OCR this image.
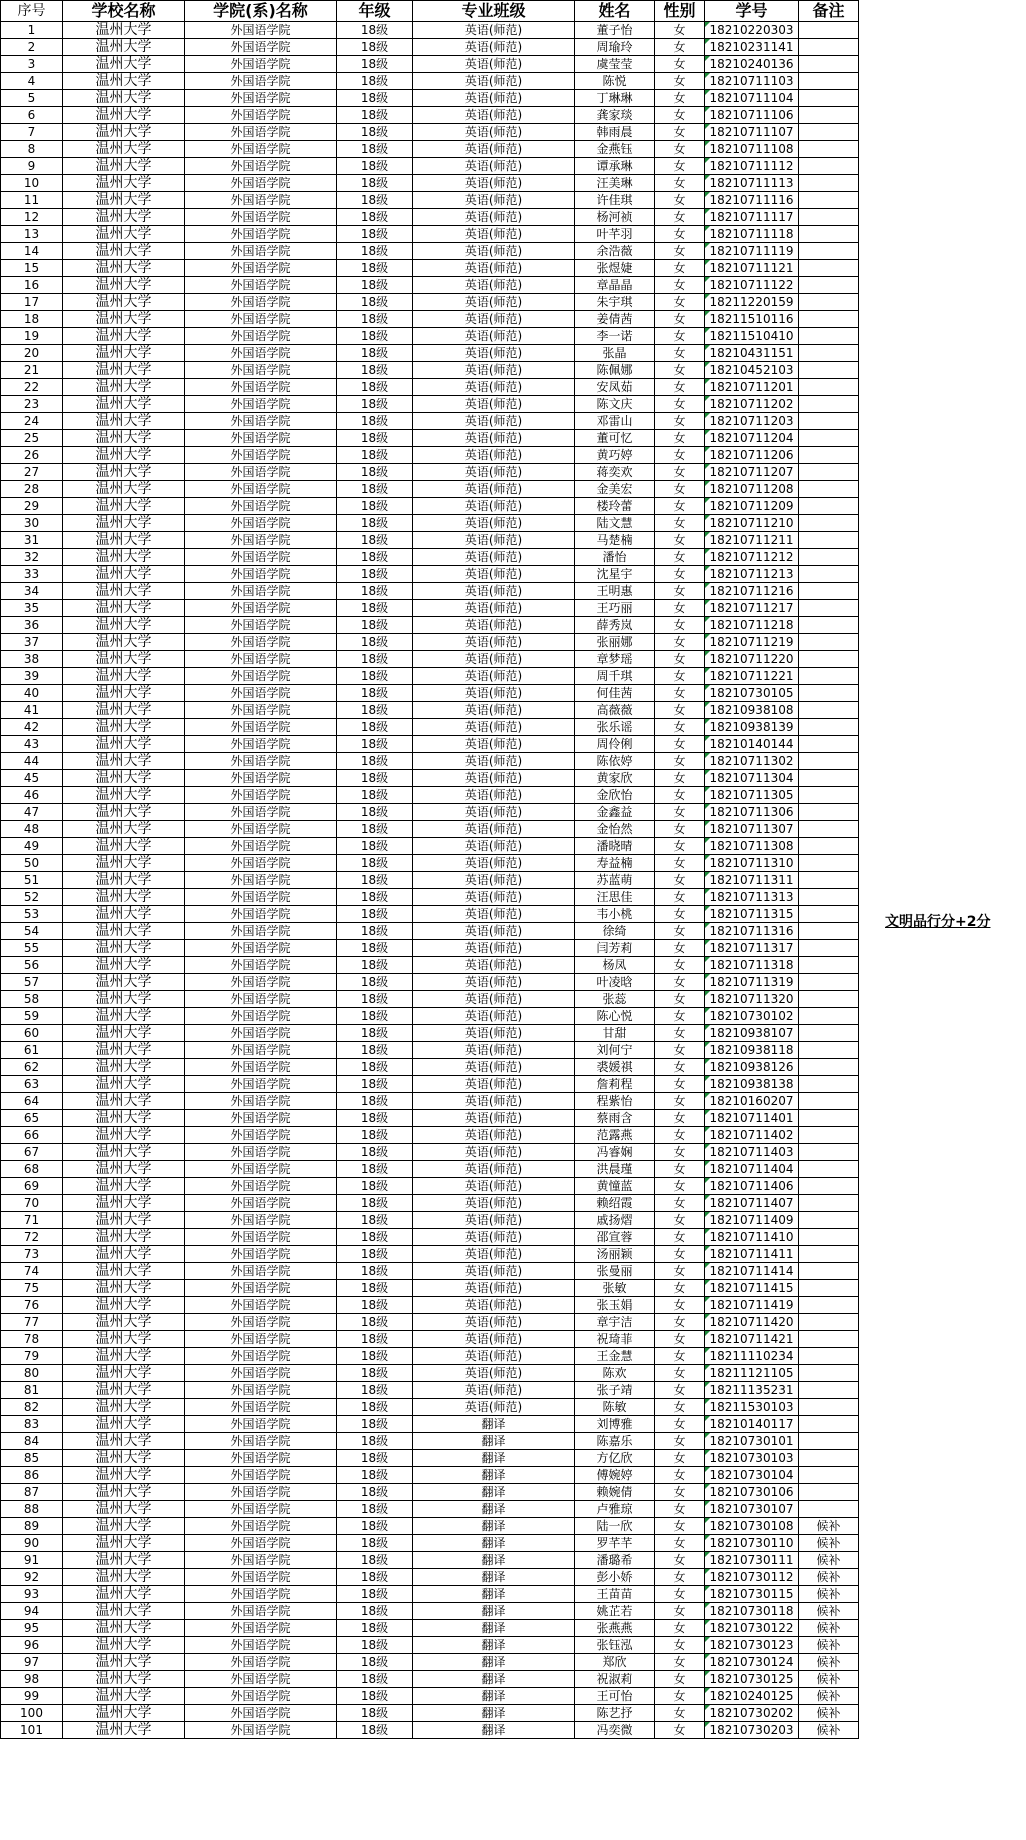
序号	学校名称	学院(系)名称	年级	专业班级	姓名	性别	学号	备注
1	温州大学	外国语学院	18级	英语(师范)	董子怡	女	18210220303	
2	温州大学	外国语学院	18级	英语(师范)	周瑜玲	女	18210231141	
3	温州大学	外国语学院	18级	英语(师范)	虞莹莹	女	18210240136	
4	温州大学	外国语学院	18级	英语(师范)	陈悦	女	18210711103	
5	温州大学	外国语学院	18级	英语(师范)	丁琳琳	女	18210711104	
6	温州大学	外国语学院	18级	英语(师范)	龚家琰	女	18210711106	
7	温州大学	外国语学院	18级	英语(师范)	韩雨晨	女	18210711107	
8	温州大学	外国语学院	18级	英语(师范)	金燕钰	女	18210711108	
9	温州大学	外国语学院	18级	英语(师范)	谭承琳	女	18210711112	
10	温州大学	外国语学院	18级	英语(师范)	汪美琳	女	18210711113	
11	温州大学	外国语学院	18级	英语(师范)	许佳琪	女	18210711116	
12	温州大学	外国语学院	18级	英语(师范)	杨河祯	女	18210711117	
13	温州大学	外国语学院	18级	英语(师范)	叶芊羽	女	18210711118	
14	温州大学	外国语学院	18级	英语(师范)	余浩薇	女	18210711119	
15	温州大学	外国语学院	18级	英语(师范)	张煜婕	女	18210711121	
16	温州大学	外国语学院	18级	英语(师范)	章晶晶	女	18210711122	
17	温州大学	外国语学院	18级	英语(师范)	朱宇琪	女	18211220159	
18	温州大学	外国语学院	18级	英语(师范)	姜倩茜	女	18211510116	
19	温州大学	外国语学院	18级	英语(师范)	李一诺	女	18211510410	
20	温州大学	外国语学院	18级	英语(师范)	张晶	女	18210431151	
21	温州大学	外国语学院	18级	英语(师范)	陈佩娜	女	18210452103	
22	温州大学	外国语学院	18级	英语(师范)	安凤茹	女	18210711201	
23	温州大学	外国语学院	18级	英语(师范)	陈文庆	女	18210711202	
24	温州大学	外国语学院	18级	英语(师范)	邓雷山	女	18210711203	
25	温州大学	外国语学院	18级	英语(师范)	董可忆	女	18210711204	
26	温州大学	外国语学院	18级	英语(师范)	黄巧婷	女	18210711206	
27	温州大学	外国语学院	18级	英语(师范)	蒋奕欢	女	18210711207	
28	温州大学	外国语学院	18级	英语(师范)	金美宏	女	18210711208	
29	温州大学	外国语学院	18级	英语(师范)	楼玲蕾	女	18210711209	
30	温州大学	外国语学院	18级	英语(师范)	陆文慧	女	18210711210	
31	温州大学	外国语学院	18级	英语(师范)	马楚楠	女	18210711211	
32	温州大学	外国语学院	18级	英语(师范)	潘怡	女	18210711212	
33	温州大学	外国语学院	18级	英语(师范)	沈星宇	女	18210711213	
34	温州大学	外国语学院	18级	英语(师范)	王明惠	女	18210711216	
35	温州大学	外国语学院	18级	英语(师范)	王巧丽	女	18210711217	
36	温州大学	外国语学院	18级	英语(师范)	薛秀岚	女	18210711218	
37	温州大学	外国语学院	18级	英语(师范)	张丽娜	女	18210711219	
38	温州大学	外国语学院	18级	英语(师范)	章梦瑶	女	18210711220	
39	温州大学	外国语学院	18级	英语(师范)	周千琪	女	18210711221	
40	温州大学	外国语学院	18级	英语(师范)	何佳茜	女	18210730105	
41	温州大学	外国语学院	18级	英语(师范)	高薇薇	女	18210938108	
42	温州大学	外国语学院	18级	英语(师范)	张乐谣	女	18210938139	
43	温州大学	外国语学院	18级	英语(师范)	周伶俐	女	18210140144	
44	温州大学	外国语学院	18级	英语(师范)	陈依婷	女	18210711302	
45	温州大学	外国语学院	18级	英语(师范)	黄家欣	女	18210711304	
46	温州大学	外国语学院	18级	英语(师范)	金欣怡	女	18210711305	
47	温州大学	外国语学院	18级	英语(师范)	金鑫益	女	18210711306	
48	温州大学	外国语学院	18级	英语(师范)	金怡然	女	18210711307	
49	温州大学	外国语学院	18级	英语(师范)	潘晓晴	女	18210711308	
50	温州大学	外国语学院	18级	英语(师范)	寿益楠	女	18210711310	
51	温州大学	外国语学院	18级	英语(师范)	苏蓝萌	女	18210711311	
52	温州大学	外国语学院	18级	英语(师范)	汪思佳	女	18210711313	
53	温州大学	外国语学院	18级	英语(师范)	韦小桃	女	18210711315	
54	温州大学	外国语学院	18级	英语(师范)	徐绮	女	18210711316	
55	温州大学	外国语学院	18级	英语(师范)	闫芳莉	女	18210711317	
56	温州大学	外国语学院	18级	英语(师范)	杨凤	女	18210711318	
57	温州大学	外国语学院	18级	英语(师范)	叶凌晗	女	18210711319	
58	温州大学	外国语学院	18级	英语(师范)	张蕊	女	18210711320	
59	温州大学	外国语学院	18级	英语(师范)	陈心悦	女	18210730102	
60	温州大学	外国语学院	18级	英语(师范)	甘甜	女	18210938107	
61	温州大学	外国语学院	18级	英语(师范)	刘何宁	女	18210938118	
62	温州大学	外国语学院	18级	英语(师范)	裘媛祺	女	18210938126	
63	温州大学	外国语学院	18级	英语(师范)	詹莉程	女	18210938138	
64	温州大学	外国语学院	18级	英语(师范)	程紫怡	女	18210160207	
65	温州大学	外国语学院	18级	英语(师范)	蔡雨含	女	18210711401	
66	温州大学	外国语学院	18级	英语(师范)	范露燕	女	18210711402	
67	温州大学	外国语学院	18级	英语(师范)	冯睿娴	女	18210711403	
68	温州大学	外国语学院	18级	英语(师范)	洪晨瑾	女	18210711404	
69	温州大学	外国语学院	18级	英语(师范)	黄憧蓝	女	18210711406	
70	温州大学	外国语学院	18级	英语(师范)	赖绍霞	女	18210711407	
71	温州大学	外国语学院	18级	英语(师范)	戚扬熠	女	18210711409	
72	温州大学	外国语学院	18级	英语(师范)	邵宣蓉	女	18210711410	
73	温州大学	外国语学院	18级	英语(师范)	汤丽颖	女	18210711411	
74	温州大学	外国语学院	18级	英语(师范)	张曼丽	女	18210711414	
75	温州大学	外国语学院	18级	英语(师范)	张敏	女	18210711415	
76	温州大学	外国语学院	18级	英语(师范)	张玉娟	女	18210711419	
77	温州大学	外国语学院	18级	英语(师范)	章宇洁	女	18210711420	
78	温州大学	外国语学院	18级	英语(师范)	祝琦菲	女	18210711421	
79	温州大学	外国语学院	18级	英语(师范)	王金慧	女	18211110234	
80	温州大学	外国语学院	18级	英语(师范)	陈欢	女	18211121105	
81	温州大学	外国语学院	18级	英语(师范)	张子靖	女	18211135231	
82	温州大学	外国语学院	18级	英语(师范)	陈敏	女	18211530103	
83	温州大学	外国语学院	18级	翻译	刘博雅	女	18210140117	
84	温州大学	外国语学院	18级	翻译	陈嘉乐	女	18210730101	
85	温州大学	外国语学院	18级	翻译	方亿欣	女	18210730103	
86	温州大学	外国语学院	18级	翻译	傅婉婷	女	18210730104	
87	温州大学	外国语学院	18级	翻译	赖婉倩	女	18210730106	
88	温州大学	外国语学院	18级	翻译	卢雅琼	女	18210730107	
89	温州大学	外国语学院	18级	翻译	陆一欣	女	18210730108	候补
90	温州大学	外国语学院	18级	翻译	罗芊芊	女	18210730110	候补
91	温州大学	外国语学院	18级	翻译	潘璐希	女	18210730111	候补
92	温州大学	外国语学院	18级	翻译	彭小娇	女	18210730112	候补
93	温州大学	外国语学院	18级	翻译	王苗苗	女	18210730115	候补
94	温州大学	外国语学院	18级	翻译	姚芷若	女	18210730118	候补
95	温州大学	外国语学院	18级	翻译	张燕燕	女	18210730122	候补
96	温州大学	外国语学院	18级	翻译	张钰泓	女	18210730123	候补
97	温州大学	外国语学院	18级	翻译	郑欣	女	18210730124	候补
98	温州大学	外国语学院	18级	翻译	祝淑莉	女	18210730125	候补
99	温州大学	外国语学院	18级	翻译	王可怡	女	18210240125	候补
100	温州大学	外国语学院	18级	翻译	陈艺抒	女	18210730202	候补
101	温州大学	外国语学院	18级	翻译	冯奕微	女	18210730203	候补
文明品行分+2分
